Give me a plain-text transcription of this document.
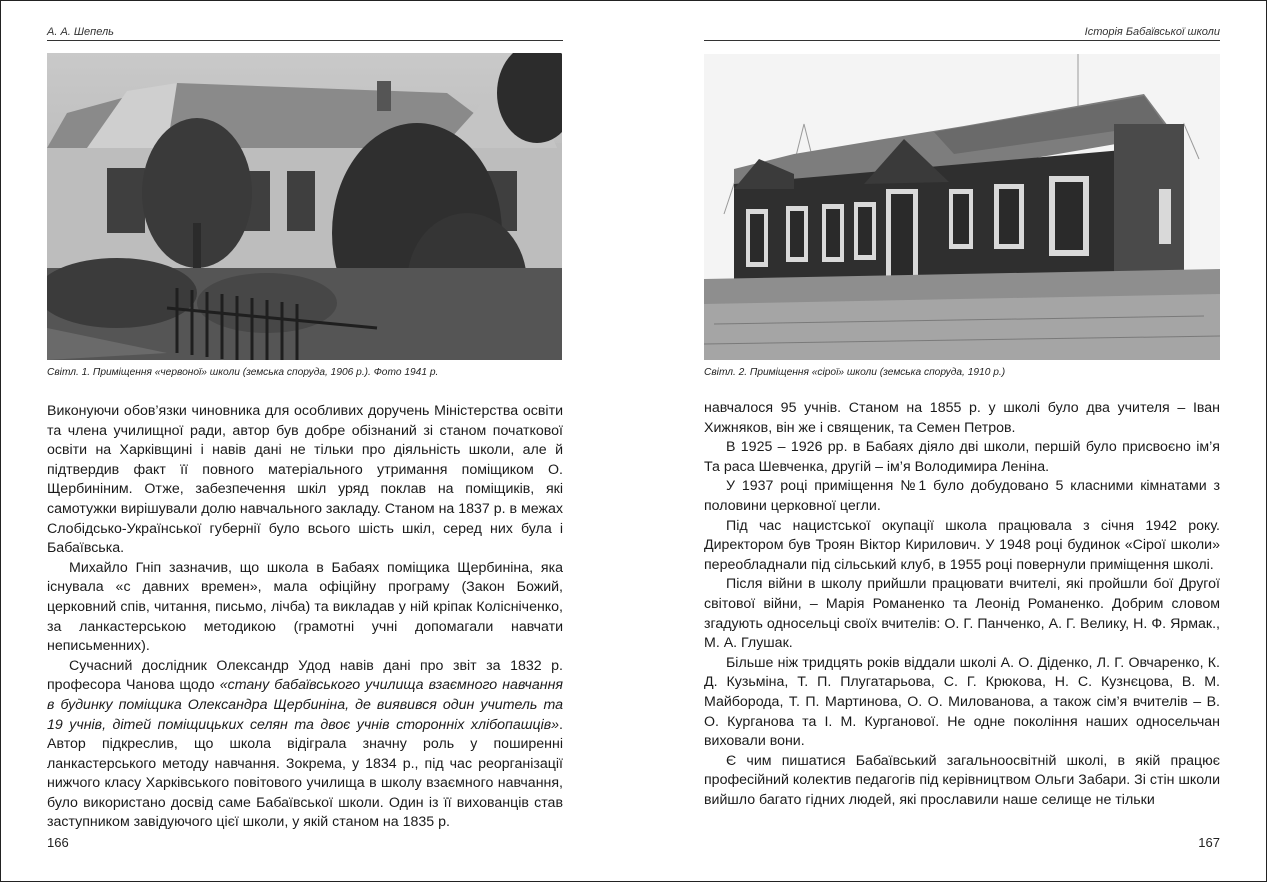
А. А. Шепель
Світл. 1. Приміщення «червоної» школи (земська споруда, 1906 р.). Фото 1941 р.

Виконуючи обов’язки чиновника для особливих доручень Міністерства освіти та члена училищної ради, автор був добре обізнаний зі станом початкової освіти на Харківщині і навів дані не тільки про діяльність школи, але й підтвердив факт її повного матеріального утримання поміщиком О. Щербиніним. Отже, забезпечення шкіл уряд поклав на поміщиків, які самотужки вирішували долю навчального закладу. Станом на 1837 р. в межах Слобідсько-Української губернії було всього шість шкіл, серед них була і Бабаївська.

Михайло Гніп зазначив, що школа в Бабаях поміщика Щербиніна, яка існувала «с давних времен», мала офіційну програму (Закон Божий, церковний спів, читання, письмо, лічба) та викладав у ній кріпак Колісніченко, за ланкастерською методикою (грамотні учні допомагали навчати неписьменних).

Сучасний дослідник Олександр Удод навів дані про звіт за 1832 р. професора Чанова щодо «стану бабаївського училища взаємного навчання в будинку поміщика Олександра Щербиніна, де виявився один учитель та 19 учнів, дітей поміщицьких селян та двоє учнів сторонніх хлібопашців». Автор підкреслив, що школа відіграла значну роль у поширенні ланкастерського методу навчання. Зокрема, у 1834 р., під час реорганізації нижчого класу Харківського повітового училища в школу взаємного навчання, було використано досвід саме Бабаївської школи. Один із її вихованців став заступником завідуючого цієї школи, у якій станом на 1835 р.

166
Історія Бабаївської школи
Світл. 2. Приміщення «сірої» школи (земська споруда, 1910 р.)

навчалося 95 учнів. Станом на 1855 р. у школі було два учителя – Іван Хижняков, він же і священик, та Семен Петров.

В 1925 – 1926 рр. в Бабаях діяло дві школи, першій було присвоєно ім’я Та раса Шевченка, другій – ім’я Володимира Леніна.

У 1937 році приміщення №1 було добудовано 5 класними кімнатами з половини церковної цегли.

Під час нацистської окупації школа працювала з січня 1942 року. Директором був Троян Віктор Кирилович. У 1948 році будинок «Сірої школи» переобладнали під сільський клуб, в 1955 році повернули приміщення школі.

Після війни в школу прийшли працювати вчителі, які пройшли бої Другої світової війни, – Марія Романенко та Леонід Романенко. Добрим словом згадують односельці своїх вчителів: О. Г. Панченко, А. Г. Велику, Н. Ф. Ярмак., М. А. Глушак.

Більше ніж тридцять років віддали школі А. О. Діденко, Л. Г. Овчаренко, К. Д. Кузьміна, Т. П. Плугатарьова, С. Г. Крюкова, Н. С. Кузнєцова, В. М. Майборода, Т. П. Мартинова, О. О. Милованова, а також сім’я вчителів – В. О. Курганова та І. М. Курганової. Не одне покоління наших односельчан виховали вони.

Є чим пишатися Бабаївський загальноосвітній школі, в якій працює професійний колектив педагогів під керівництвом Ольги Забари. Зі стін школи вийшло багато гідних людей, які прославили наше селище не тільки

167
